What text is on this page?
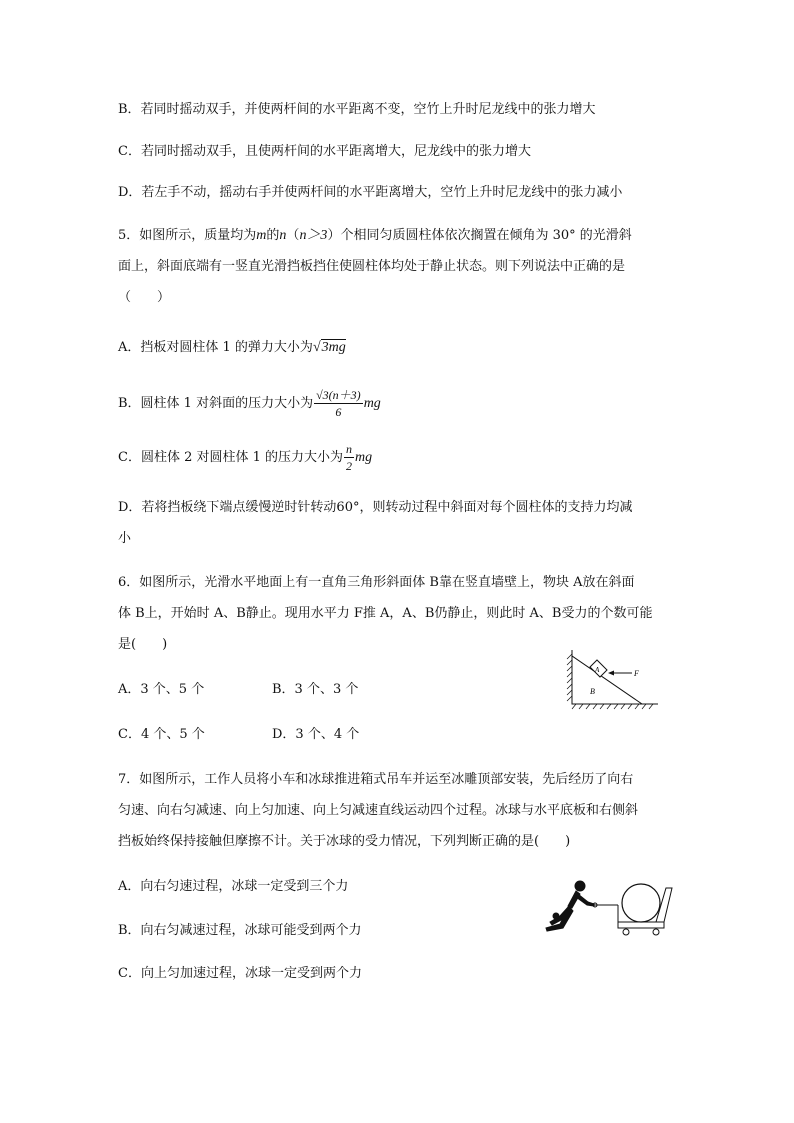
B．若同时摇动双手，并使两杆间的水平距离不变，空竹上升时尼龙线中的张力增大
C．若同时摇动双手，且使两杆间的水平距离增大，尼龙线中的张力增大
D．若左手不动，摇动右手并使两杆间的水平距离增大，空竹上升时尼龙线中的张力减小
5．如图所示，质量均为m的n（n＞3）个相同匀质圆柱体依次搁置在倾角为 30° 的光滑斜
面上，斜面底端有一竖直光滑挡板挡住使圆柱体均处于静止状态。则下列说法中正确的是
（　　）
A．挡板对圆柱体 1 的弹力大小为√3mg
B．圆柱体 1 对斜面的压力大小为 $\frac{√3(n+3)}{6}$ mg
C．圆柱体 2 对圆柱体 1 的压力大小为 $\frac{n}{2}$ mg
D．若将挡板绕下端点缓慢逆时针转动60°，则转动过程中斜面对每个圆柱体的支持力均减
小
6．如图所示，光滑水平地面上有一直角三角形斜面体 B靠在竖直墙壁上，物块 A放在斜面
体 B上，开始时 A、B静止。现用水平力 F推 A，A、B仍静止，则此时 A、B受力的个数可能
是(　　)
A．3 个、5 个	B．3 个、3 个
C．4 个、5 个	D．3 个、4 个
B
A	F
7．如图所示，工作人员将小车和冰球推进箱式吊车并运至冰雕顶部安装，先后经历了向右
匀速、向右匀减速、向上匀加速、向上匀减速直线运动四个过程。冰球与水平底板和右侧斜
挡板始终保持接触但摩擦不计。关于冰球的受力情况，下列判断正确的是(　　)
A．向右匀速过程，冰球一定受到三个力
B．向右匀减速过程，冰球可能受到两个力
C．向上匀加速过程，冰球一定受到两个力
